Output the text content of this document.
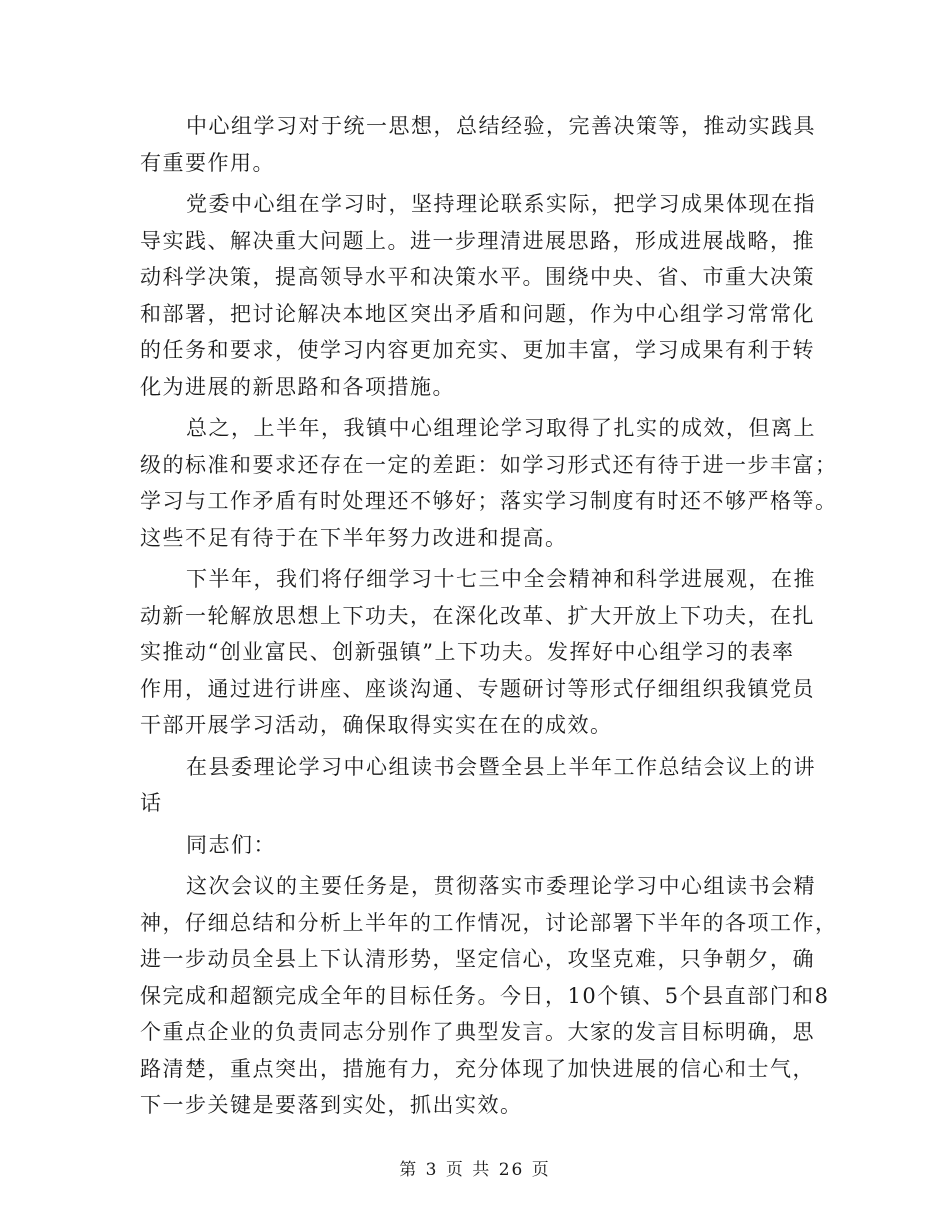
中心组学习对于统一思想，总结经验，完善决策等，推动实践具
有重要作用。
党委中心组在学习时，坚持理论联系实际，把学习成果体现在指
导实践、解决重大问题上。进一步理清进展思路，形成进展战略，推
动科学决策，提高领导水平和决策水平。围绕中央、省、市重大决策
和部署，把讨论解决本地区突出矛盾和问题，作为中心组学习常常化
的任务和要求，使学习内容更加充实、更加丰富，学习成果有利于转
化为进展的新思路和各项措施。
总之，上半年，我镇中心组理论学习取得了扎实的成效，但离上
级的标准和要求还存在一定的差距：如学习形式还有待于进一步丰富；
学习与工作矛盾有时处理还不够好；落实学习制度有时还不够严格等。
这些不足有待于在下半年努力改进和提高。
下半年，我们将仔细学习十七三中全会精神和科学进展观，在推
动新一轮解放思想上下功夫，在深化改革、扩大开放上下功夫，在扎
实推动“创业富民、创新强镇”上下功夫。发挥好中心组学习的表率
作用，通过进行讲座、座谈沟通、专题研讨等形式仔细组织我镇党员
干部开展学习活动，确保取得实实在在的成效。
在县委理论学习中心组读书会暨全县上半年工作总结会议上的讲
话
同志们：
这次会议的主要任务是，贯彻落实市委理论学习中心组读书会精
神，仔细总结和分析上半年的工作情况，讨论部署下半年的各项工作，
进一步动员全县上下认清形势，坚定信心，攻坚克难，只争朝夕，确
保完成和超额完成全年的目标任务。今日，10个镇、5个县直部门和8
个重点企业的负责同志分别作了典型发言。大家的发言目标明确，思
路清楚，重点突出，措施有力，充分体现了加快进展的信心和士气，
下一步关键是要落到实处，抓出实效。
第 3 页 共 26 页
